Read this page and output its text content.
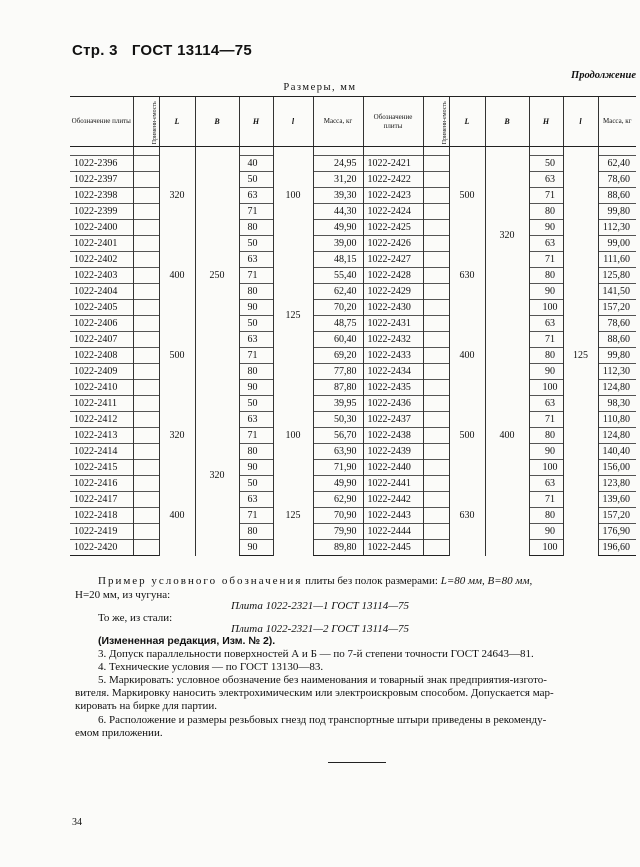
Стр. 3 ГОСТ 13114—75
Продолжение
Размеры, мм
Обозначение плиты	Примени-емость	L	B	H	l	Масса, кг	Обозначение плиты	Примени-емость	L	B	H	l	Масса, кг

1022-2396		320	250	40	100	24,95	1022-2421		500	320	50	125	62,40
1022-2397				50		31,20	1022-2422				63		78,60
1022-2398				63		39,30	1022-2423				71		88,60
1022-2399				71		44,30	1022-2424				80		99,80
1022-2400				80		49,90	1022-2425				90		112,30
1022-2401		400		50	125	39,00	1022-2426		630		63		99,00
1022-2402				63		48,15	1022-2427				71		111,60
1022-2403				71		55,40	1022-2428				80		125,80
1022-2404				80		62,40	1022-2429				90		141,50
1022-2405				90		70,20	1022-2430				100		157,20
1022-2406		500		50		48,75	1022-2431		400	400	63		78,60
1022-2407				63		60,40	1022-2432				71		88,60
1022-2408				71		69,20	1022-2433				80		99,80
1022-2409				80		77,80	1022-2434				90		112,30
1022-2410				90		87,80	1022-2435				100		124,80
1022-2411		320	320	50	100	39,95	1022-2436		500		63		98,30
1022-2412				63		50,30	1022-2437				71		110,80
1022-2413				71		56,70	1022-2438				80		124,80
1022-2414				80		63,90	1022-2439				90		140,40
1022-2415				90		71,90	1022-2440				100		156,00
1022-2416		400		50	125	49,90	1022-2441		630		63		123,80
1022-2417				63		62,90	1022-2442				71		139,60
1022-2418				71		70,90	1022-2443				80		157,20
1022-2419				80		79,90	1022-2444				90		176,90
1022-2420				90		89,80	1022-2445				100		196,60
Пример условного обозначения плиты без полок размерами: L=80 мм, B=80 мм,
H=20 мм, из чугуна:
Плита 1022-2321—1 ГОСТ 13114—75
То же, из стали:
Плита 1022-2321—2 ГОСТ 13114—75
(Измененная редакция, Изм. № 2).
3. Допуск параллельности поверхностей А и Б — по 7-й степени точности ГОСТ 24643—81.
4. Технические условия — по ГОСТ 13130—83.
5. Маркировать: условное обозначение без наименования и товарный знак предприятия-изгото-
вителя. Маркировку наносить электрохимическим или электроискровым способом. Допускается мар-
кировать на бирке для партии.
6. Расположение и размеры резьбовых гнезд под транспортные штыри приведены в рекоменду-
емом приложении.
34
